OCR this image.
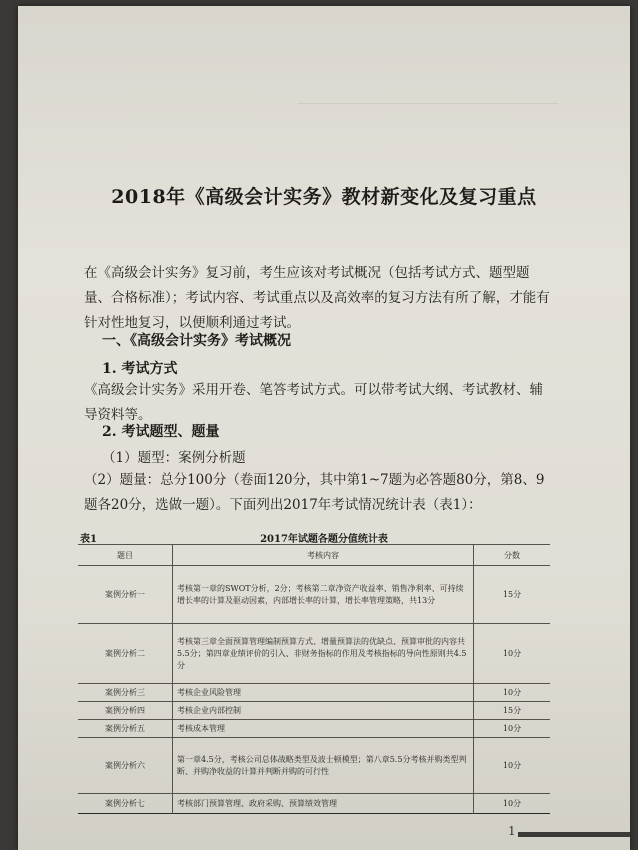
2018年《高级会计实务》教材新变化及复习重点
在《高级会计实务》复习前，考生应该对考试概况（包括考试方式、题型题量、合格标准）；考试内容、考试重点以及高效率的复习方法有所了解，才能有针对性地复习，以便顺利通过考试。
一、《高级会计实务》考试概况
1. 考试方式
《高级会计实务》采用开卷、笔答考试方式。可以带考试大纲、考试教材、辅导资料等。
2. 考试题型、题量
（1）题型：案例分析题
（2）题量：总分100分（卷面120分，其中第1~7题为必答题80分，第8、9题各20分，选做一题）。下面列出2017年考试情况统计表（表1）：
表1	2017年试题各题分值统计表
题目	考核内容	分数
案例分析一	考核第一章的SWOT分析，2分；考核第二章净资产收益率、销售净利率、可持续增长率的计算及驱动因素，内部增长率的计算，增长率管理策略，共13分	15分
案例分析二	考核第三章全面预算管理编制预算方式、增量预算法的优缺点、预算审批的内容共5.5分；第四章业绩评价的引入、非财务指标的作用及考核指标的导向性原则共4.5分	10分
案例分析三	考核企业风险管理	10分
案例分析四	考核企业内部控制	15分
案例分析五	考核成本管理	10分
案例分析六	第一章4.5分，考核公司总体战略类型及波士顿模型；第八章5.5分考核并购类型判断、并购净收益的计算并判断并购的可行性	10分
案例分析七	考核部门预算管理、政府采购、预算绩效管理	10分
1
